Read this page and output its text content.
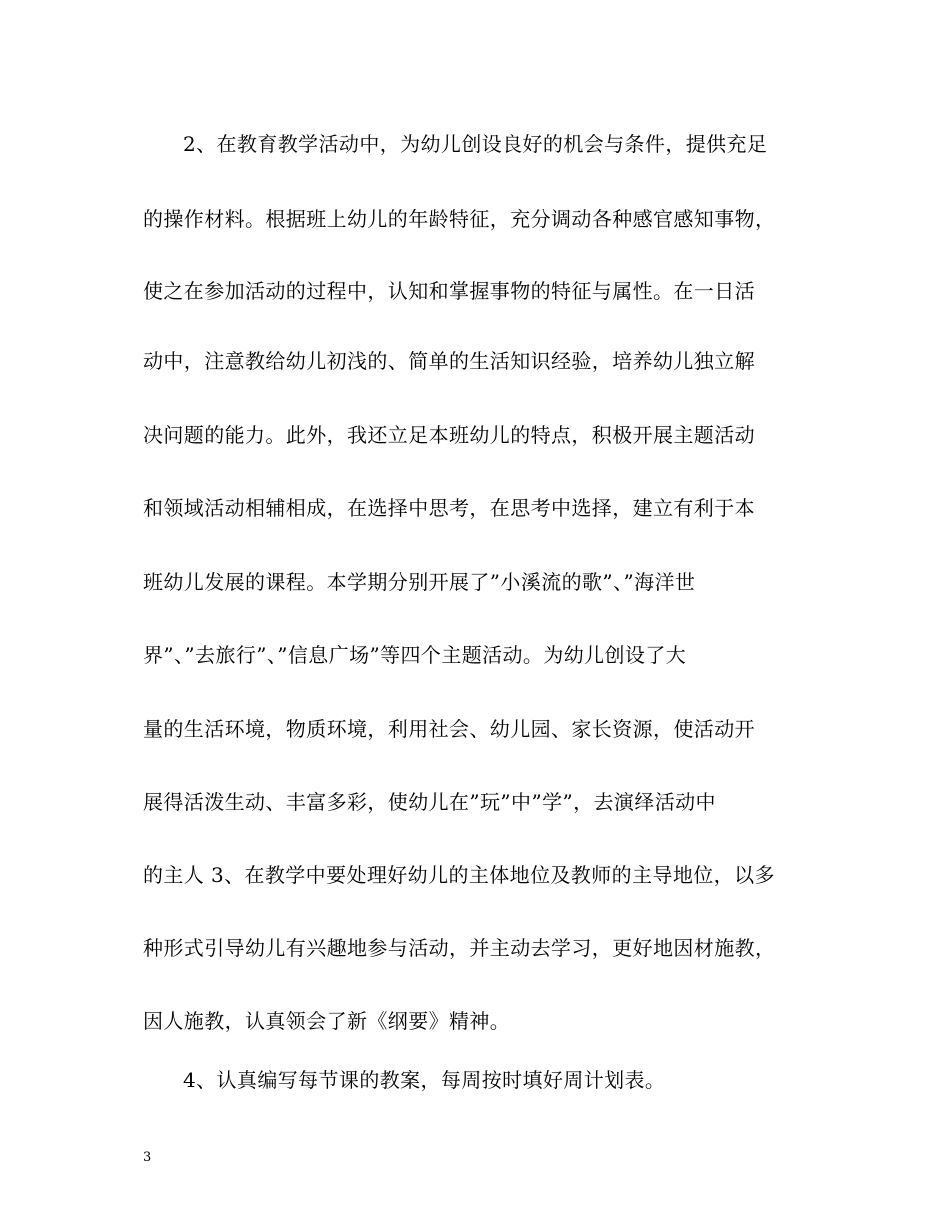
2、在教育教学活动中，为幼儿创设良好的机会与条件，提供充足
的操作材料。根据班上幼儿的年龄特征，充分调动各种感官感知事物，
使之在参加活动的过程中，认知和掌握事物的特征与属性。在一日活
动中，注意教给幼儿初浅的、简单的生活知识经验，培养幼儿独立解
决问题的能力。此外，我还立足本班幼儿的特点，积极开展主题活动
和领域活动相辅相成，在选择中思考，在思考中选择，建立有利于本
班幼儿发展的课程。本学期分别开展了”小溪流的歌”、”海洋世
界”、”去旅行”、”信息广场”等四个主题活动。为幼儿创设了大
量的生活环境，物质环境，利用社会、幼儿园、家长资源，使活动开
展得活泼生动、丰富多彩，使幼儿在”玩”中”学”，去演绎活动中
的主人 3、在教学中要处理好幼儿的主体地位及教师的主导地位，以多
种形式引导幼儿有兴趣地参与活动，并主动去学习，更好地因材施教，
因人施教，认真领会了新《纲要》精神。
4、认真编写每节课的教案，每周按时填好周计划表。
3
